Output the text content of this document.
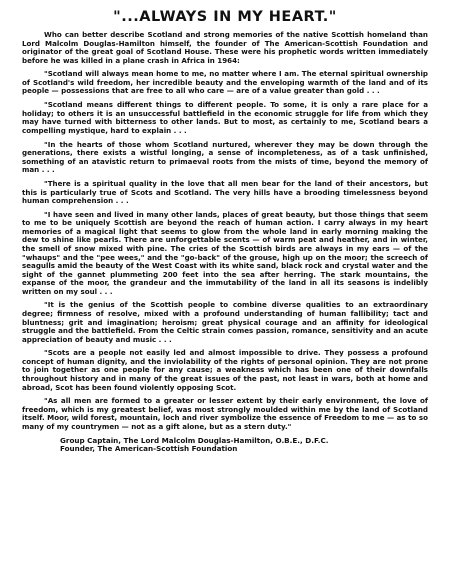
"...ALWAYS IN MY HEART."

Who can better describe Scotland and strong memories of the native Scottish homeland than Lord Malcolm Douglas-Hamilton himself, the founder of The American-Scottish Foundation and originator of the great goal of Scotland House. These were his prophetic words written immediately before he was killed in a plane crash in Africa in 1964:

"Scotland will always mean home to me, no matter where I am. The eternal spiritual ownership of Scotland's wild freedom, her incredible beauty and the enveloping warmth of the land and of its people — possessions that are free to all who care — are of a value greater than gold . . .

"Scotland means different things to different people. To some, it is only a rare place for a holiday; to others it is an unsuccessful battlefield in the economic struggle for life from which they may have turned with bitterness to other lands. But to most, as certainly to me, Scotland bears a compelling mystique, hard to explain . . .

"In the hearts of those whom Scotland nurtured, wherever they may be down through the generations, there exists a wistful longing, a sense of incompleteness, as of a task unfinished, something of an atavistic return to primaeval roots from the mists of time, beyond the memory of man . . .

"There is a spiritual quality in the love that all men bear for the land of their ancestors, but this is particularly true of Scots and Scotland. The very hills have a brooding timelessness beyond human comprehension . . .

"I have seen and lived in many other lands, places of great beauty, but those things that seem to me to be uniquely Scottish are beyond the reach of human action. I carry always in my heart memories of a magical light that seems to glow from the whole land in early morning making the dew to shine like pearls. There are unforgettable scents — of warm peat and heather, and in winter, the smell of snow mixed with pine. The cries of the Scottish birds are always in my ears — of the "whaups" and the "pee wees," and the "go-back" of the grouse, high up on the moor; the screech of seagulls amid the beauty of the West Coast with its white sand, black rock and crystal water and the sight of the gannet plummeting 200 feet into the sea after herring. The stark mountains, the expanse of the moor, the grandeur and the immutability of the land in all its seasons is indelibly written on my soul . . .

"It is the genius of the Scottish people to combine diverse qualities to an extraordinary degree; firmness of resolve, mixed with a profound understanding of human fallibility; tact and bluntness; grit and imagination; heroism; great physical courage and an affinity for ideological struggle and the battlefield. From the Celtic strain comes passion, romance, sensitivity and an acute appreciation of beauty and music . . .

"Scots are a people not easily led and almost impossible to drive. They possess a profound concept of human dignity, and the inviolability of the rights of personal opinion. They are not prone to join together as one people for any cause; a weakness which has been one of their downfalls throughout history and in many of the great issues of the past, not least in wars, both at home and abroad, Scot has been found violently opposing Scot.

"As all men are formed to a greater or lesser extent by their early environment, the love of freedom, which is my greatest belief, was most strongly moulded within me by the land of Scotland itself. Moor, wild forest, mountain, loch and river symbolize the essence of Freedom to me — as to so many of my countrymen — not as a gift alone, but as a stern duty."

Group Captain, The Lord Malcolm Douglas-Hamilton, O.B.E., D.F.C.
Founder, The American-Scottish Foundation
